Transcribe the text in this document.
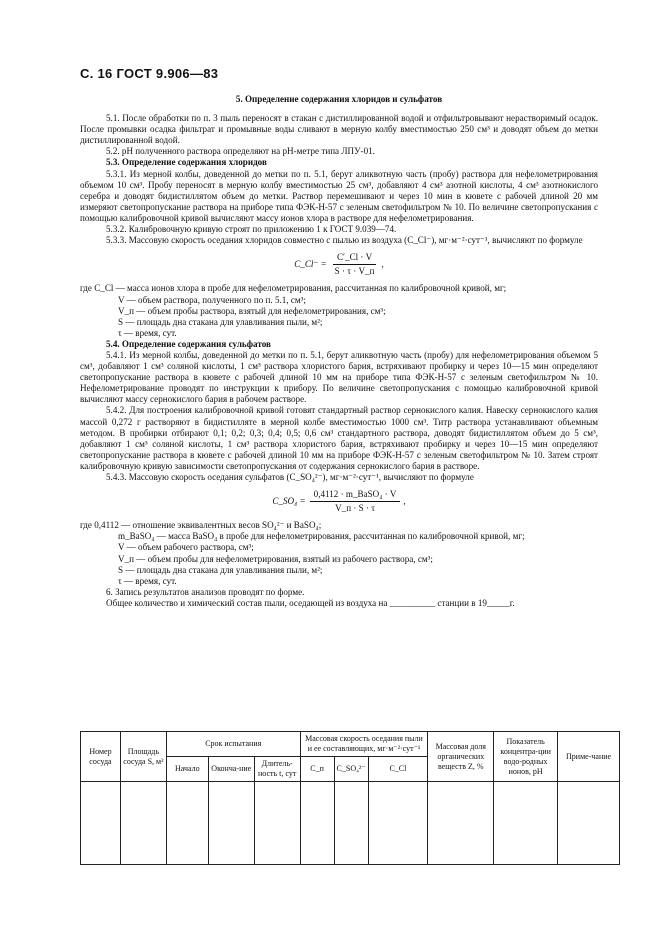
С. 16 ГОСТ 9.906—83

5. Определение содержания хлоридов и сульфатов

5.1. После обработки по п. 3 пыль переносят в стакан с дистиллированной водой и отфильтровывают нерастворимый осадок. После промывки осадка фильтрат и промывные воды сливают в мерную колбу вместимостью 250 см³ и доводят объем до метки дистиллированной водой.

5.2. pH полученного раствора определяют на pH-метре типа ЛПУ-01.

5.3. Определение содержания хлоридов

5.3.1. Из мерной колбы, доведенной до метки по п. 5.1, берут аликвотную часть (пробу) раствора для нефелометрирования объемом 10 см³. Пробу переносят в мерную колбу вместимостью 25 см³, добавляют 4 см³ азотной кислоты, 4 см³ азотнокислого серебра и доводят бидистиллятом объем до метки. Раствор перемешивают и через 10 мин в кювете с рабочей длиной 20 мм измеряют светопропускание раствора на приборе типа ФЭК-Н-57 с зеленым светофильтром № 10. По величине светопропускания с помощью калибровочной кривой вычисляют массу ионов хлора в растворе для нефелометрирования.

5.3.2. Калибровочную кривую строят по приложению 1 к ГОСТ 9.039—74.

5.3.3. Массовую скорость оседания хлоридов совместно с пылью из воздуха (C_Cl⁻), мг·м⁻²·сут⁻¹, вычисляют по формуле

C_Cl⁻ = $\frac{C'\_Cl \cdot V}{S \cdot \tau \cdot V\_п}$ ,
где C_Cl — масса ионов хлора в пробе для нефелометрирования, рассчитанная по калибровочной кривой, мг;
V — объем раствора, полученного по п. 5.1, см³;
V_п — объем пробы раствора, взятый для нефелометрирования, см³;
S — площадь дна стакана для улавливания пыли, м²;
τ — время, сут.

5.4. Определение содержания сульфатов

5.4.1. Из мерной колбы, доведенной до метки по п. 5.1, берут аликвотную часть (пробу) для нефелометрирования объемом 5 см³, добавляют 1 см³ соляной кислоты, 1 см³ раствора хлористого бария, встряхивают пробирку и через 10—15 мин определяют светопропускание раствора в кювете с рабочей длиной 10 мм на приборе типа ФЭК-Н-57 с зеленым светофильтром № 10. Нефелометрирование проводят по инструкции к прибору. По величине светопропускания с помощью калибровочной кривой вычисляют массу сернокислого бария в рабочем растворе.

5.4.2. Для построения калибровочной кривой готовят стандартный раствор сернокислого калия. Навеску сернокислого калия массой 0,272 г растворяют в бидистилляте в мерной колбе вместимостью 1000 см³. Титр раствора устанавливают объемным методом. В пробирки отбирают 0,1; 0,2; 0,3; 0,4; 0,5; 0,6 см³ стандартного раствора, доводят бидистиллятом объем до 5 см³, добавляют 1 см³ соляной кислоты, 1 см³ раствора хлористого бария, встряхивают пробирку и через 10—15 мин определяют светопропускание раствора в кювете с рабочей длиной 10 мм на приборе ФЭК-Н-57 с зеленым светофильтром № 10. Затем строят калибровочную кривую зависимости светопропускания от содержания сернокислого бария в растворе.

5.4.3. Массовую скорость оседания сульфатов (C_SO₄²⁻), мг·м⁻²·сут⁻¹, вычисляют по формуле

C_SO₄ = $\frac{\text{0,4112 · m\_BaSO₄ · V}}{V\_п \cdot S \cdot \tau}$ ,
где 0,4112 — отношение эквивалентных весов SO₄²⁻ и BaSO₄;
m_BaSO₄ — масса BaSO₄ в пробе для нефелометрирования, рассчитанная по калибровочной кривой, мг;
V — объем рабочего раствора, см³;
V_п — объем пробы для нефелометрирования, взятый из рабочего раствора, см³;
S — площадь дна стакана для улавливания пыли, м²;
τ — время, сут.

6. Запись результатов анализов проводят по форме.

Общее количество и химический состав пыли, оседающей из воздуха на __________ станции в 19_____г.

Номер сосуда	Площадь сосуда S, м²	Срок испытания			Массовая скорость оседания пыли и ее составляющих, мг·м⁻²·сут⁻¹			Массовая доля органических веществ Z, %	Показатель концентра-ции водо-родных ионов, pH	Приме-чание
		Начало	Оконча-ние	Длитель-ность t, сут	C_п	C_SO₄²⁻	C_Cl			
